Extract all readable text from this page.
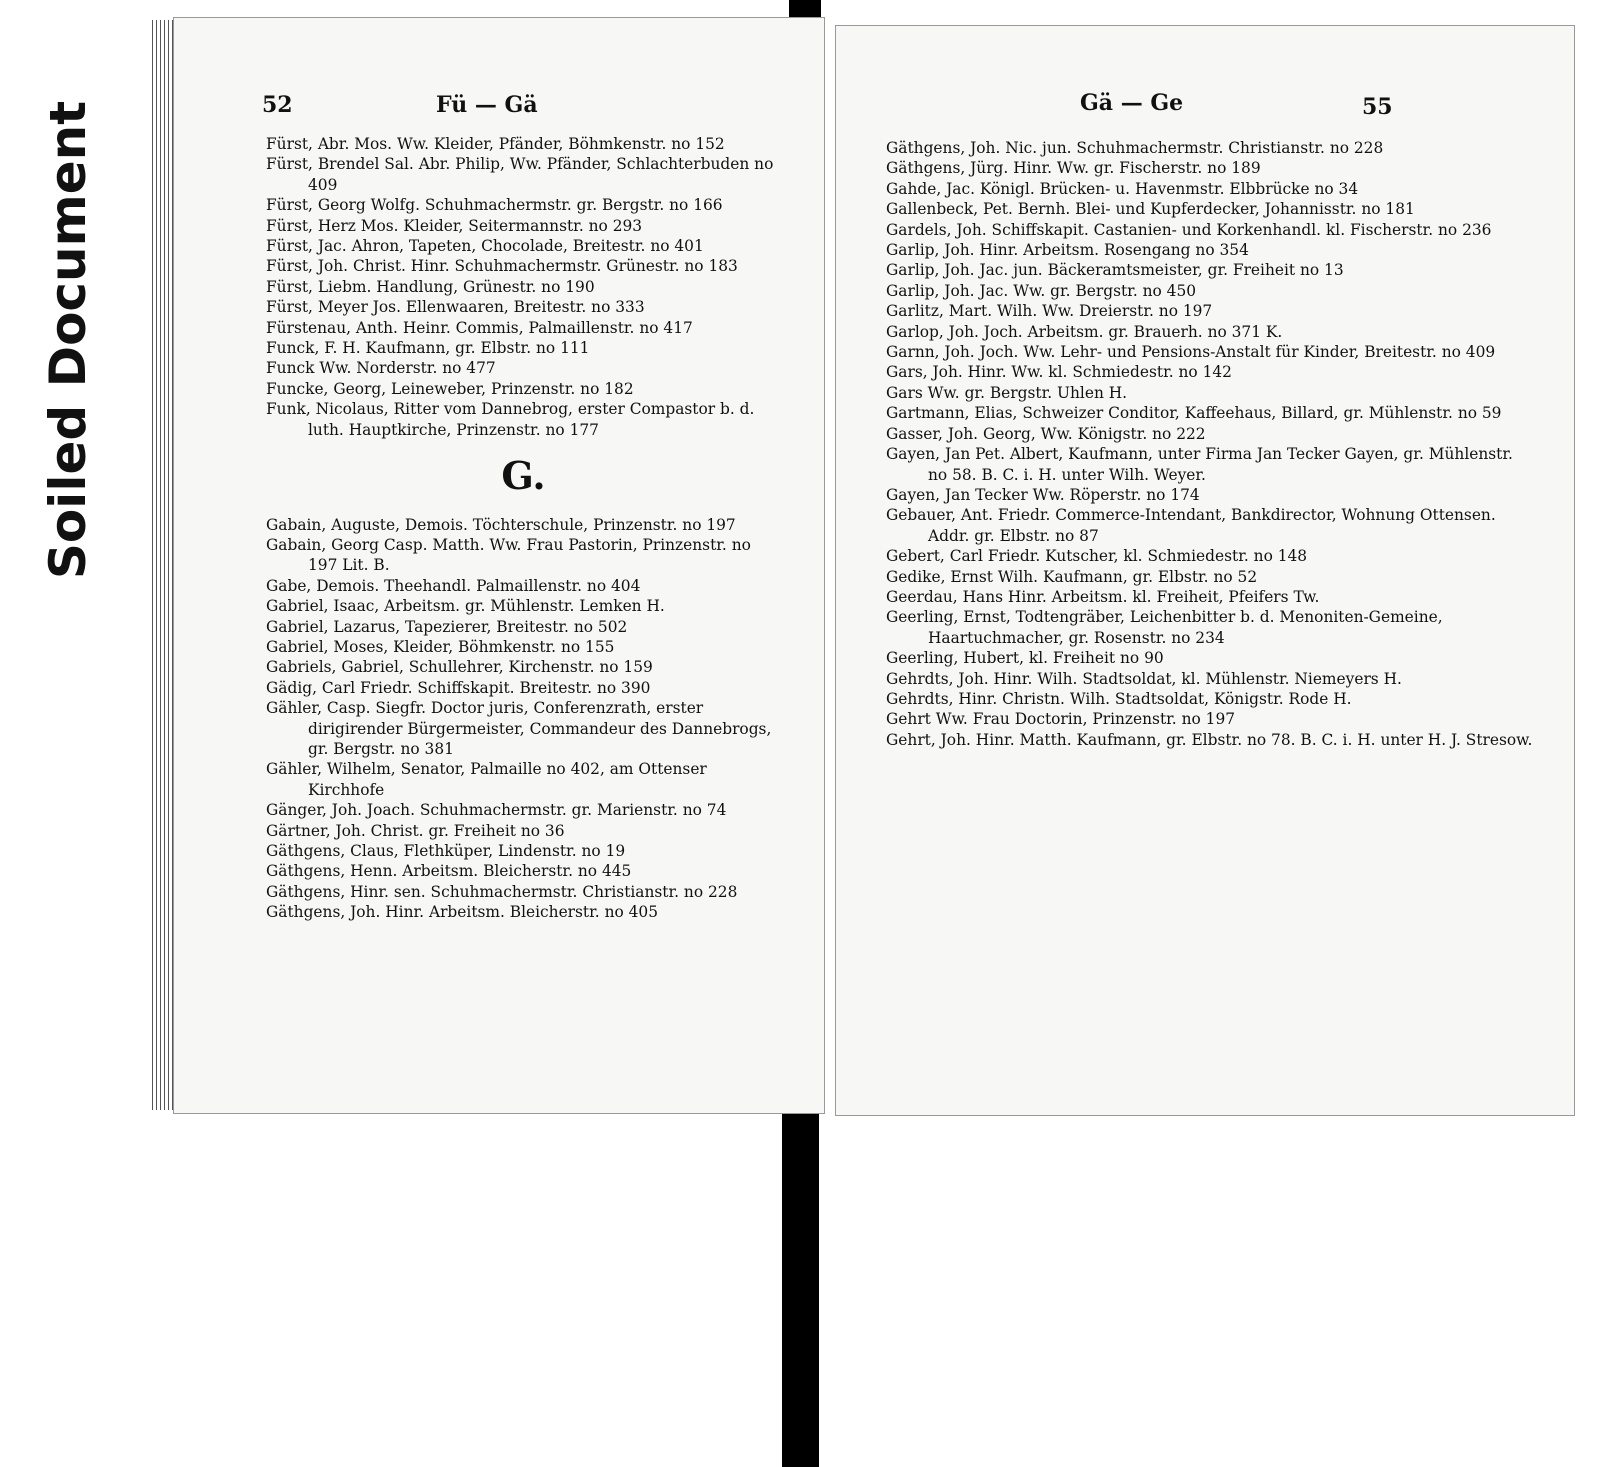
Soiled Document	52	Fü — Gä

Fürst, Abr. Mos. Ww. Kleider, Pfänder, Böhmkenstr. no 152

Fürst, Brendel Sal. Abr. Philip, Ww. Pfänder, Schlachterbuden no 409

Fürst, Georg Wolfg. Schuhmachermstr. gr. Bergstr. no 166

Fürst, Herz Mos. Kleider, Seitermannstr. no 293

Fürst, Jac. Ahron, Tapeten, Chocolade, Breitestr. no 401

Fürst, Joh. Christ. Hinr. Schuhmachermstr. Grünestr. no 183

Fürst, Liebm. Handlung, Grünestr. no 190

Fürst, Meyer Jos. Ellenwaaren, Breitestr. no 333

Fürstenau, Anth. Heinr. Commis, Palmaillenstr. no 417

Funck, F. H. Kaufmann, gr. Elbstr. no 111

Funck Ww. Norderstr. no 477

Funcke, Georg, Leineweber, Prinzenstr. no 182

Funk, Nicolaus, Ritter vom Dannebrog, erster Compastor b. d. luth. Hauptkirche, Prinzenstr. no 177

G.

Gabain, Auguste, Demois. Töchterschule, Prinzenstr. no 197

Gabain, Georg Casp. Matth. Ww. Frau Pastorin, Prinzenstr. no 197 Lit. B.

Gabe, Demois. Theehandl. Palmaillenstr. no 404

Gabriel, Isaac, Arbeitsm. gr. Mühlenstr. Lemken H.

Gabriel, Lazarus, Tapezierer, Breitestr. no 502

Gabriel, Moses, Kleider, Böhmkenstr. no 155

Gabriels, Gabriel, Schullehrer, Kirchenstr. no 159

Gädig, Carl Friedr. Schiffskapit. Breitestr. no 390

Gähler, Casp. Siegfr. Doctor juris, Conferenzrath, erster dirigirender Bürgermeister, Commandeur des Dannebrogs, gr. Bergstr. no 381

Gähler, Wilhelm, Senator, Palmaille no 402, am Ottenser Kirchhofe

Gänger, Joh. Joach. Schuhmachermstr. gr. Marienstr. no 74

Gärtner, Joh. Christ. gr. Freiheit no 36

Gäthgens, Claus, Flethküper, Lindenstr. no 19

Gäthgens, Henn. Arbeitsm. Bleicherstr. no 445

Gäthgens, Hinr. sen. Schuhmachermstr. Christianstr. no 228

Gäthgens, Joh. Hinr. Arbeitsm. Bleicherstr. no 405

Gä — Ge	55

Gäthgens, Joh. Nic. jun. Schuhmachermstr. Christianstr. no 228

Gäthgens, Jürg. Hinr. Ww. gr. Fischerstr. no 189

Gahde, Jac. Königl. Brücken- u. Havenmstr. Elbbrücke no 34

Gallenbeck, Pet. Bernh. Blei- und Kupferdecker, Johannisstr. no 181

Gardels, Joh. Schiffskapit. Castanien- und Korkenhandl. kl. Fischerstr. no 236

Garlip, Joh. Hinr. Arbeitsm. Rosengang no 354

Garlip, Joh. Jac. jun. Bäckeramtsmeister, gr. Freiheit no 13

Garlip, Joh. Jac. Ww. gr. Bergstr. no 450

Garlitz, Mart. Wilh. Ww. Dreierstr. no 197

Garlop, Joh. Joch. Arbeitsm. gr. Brauerh. no 371 K.

Garnn, Joh. Joch. Ww. Lehr- und Pensions-Anstalt für Kinder, Breitestr. no 409

Gars, Joh. Hinr. Ww. kl. Schmiedestr. no 142

Gars Ww. gr. Bergstr. Uhlen H.

Gartmann, Elias, Schweizer Conditor, Kaffeehaus, Billard, gr. Mühlenstr. no 59

Gasser, Joh. Georg, Ww. Königstr. no 222

Gayen, Jan Pet. Albert, Kaufmann, unter Firma Jan Tecker Gayen, gr. Mühlenstr. no 58. B. C. i. H. unter Wilh. Weyer.

Gayen, Jan Tecker Ww. Röperstr. no 174

Gebauer, Ant. Friedr. Commerce-Intendant, Bankdirector, Wohnung Ottensen. Addr. gr. Elbstr. no 87

Gebert, Carl Friedr. Kutscher, kl. Schmiedestr. no 148

Gedike, Ernst Wilh. Kaufmann, gr. Elbstr. no 52

Geerdau, Hans Hinr. Arbeitsm. kl. Freiheit, Pfeifers Tw.

Geerling, Ernst, Todtengräber, Leichenbitter b. d. Menoniten-Gemeine, Haartuchmacher, gr. Rosenstr. no 234

Geerling, Hubert, kl. Freiheit no 90

Gehrdts, Joh. Hinr. Wilh. Stadtsoldat, kl. Mühlenstr. Niemeyers H.

Gehrdts, Hinr. Christn. Wilh. Stadtsoldat, Königstr. Rode H.

Gehrt Ww. Frau Doctorin, Prinzenstr. no 197

Gehrt, Joh. Hinr. Matth. Kaufmann, gr. Elbstr. no 78. B. C. i. H. unter H. J. Stresow.
